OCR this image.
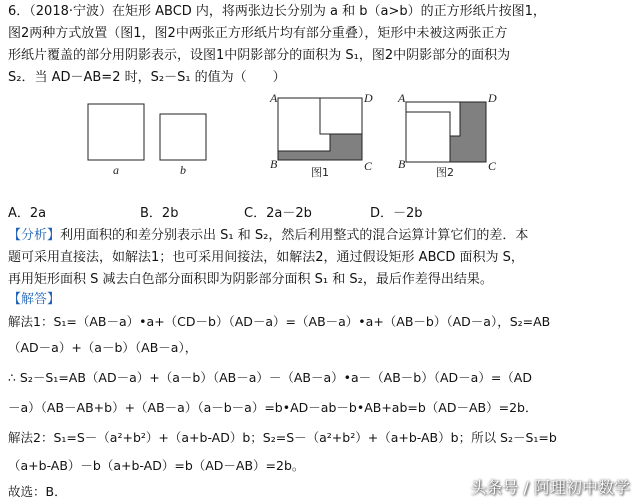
6．（2018·宁波）在矩形 ABCD 内，将两张边长分别为 a 和 b（a>b）的正方形纸片按图1，
图2两种方式放置（图1，图2中两张正方形纸片均有部分重叠），矩形中未被这两张正方
形纸片覆盖的部分用阴影表示，设图1中阴影部分的面积为 S₁，图2中阴影部分的面积为
S₂．当 AD－AB=2 时，S₂－S₁ 的值为（　　）
a	b
A	D
B	C
图1
A	D
B	C
图2
A．2a	B．2b	C．2a－2b	D．－2b
【分析】利用面积的和差分别表示出 S₁ 和 S₂，然后利用整式的混合运算计算它们的差．本
题可采用直接法，如解法1；也可采用间接法，如解法2，通过假设矩形 ABCD 面积为 S，
再用矩形面积 S 减去白色部分面积即为阴影部分面积 S₁ 和 S₂，最后作差得出结果。
【解答】
解法1：S₁=（AB－a）•a+（CD－b）（AD－a）=（AB－a）•a+（AB－b）（AD－a），S₂=AB
（AD－a）+（a－b）（AB－a），
∴ S₂－S₁=AB（AD－a）+（a－b）（AB－a）－（AB－a）•a－（AB－b）（AD－a）=（AD
－a）（AB－AB+b）+（AB－a）（a－b－a）=b•AD－ab－b•AB+ab=b（AD－AB）=2b．
解法2：S₁=S－（a²+b²）+（a+b-AD）b；S₂=S－（a²+b²）+（a+b-AB）b；所以 S₂－S₁=b
（a+b-AB）－b（a+b-AD）=b（AD－AB）=2b。
故选：B．	头条号 / 阿理初中数学
